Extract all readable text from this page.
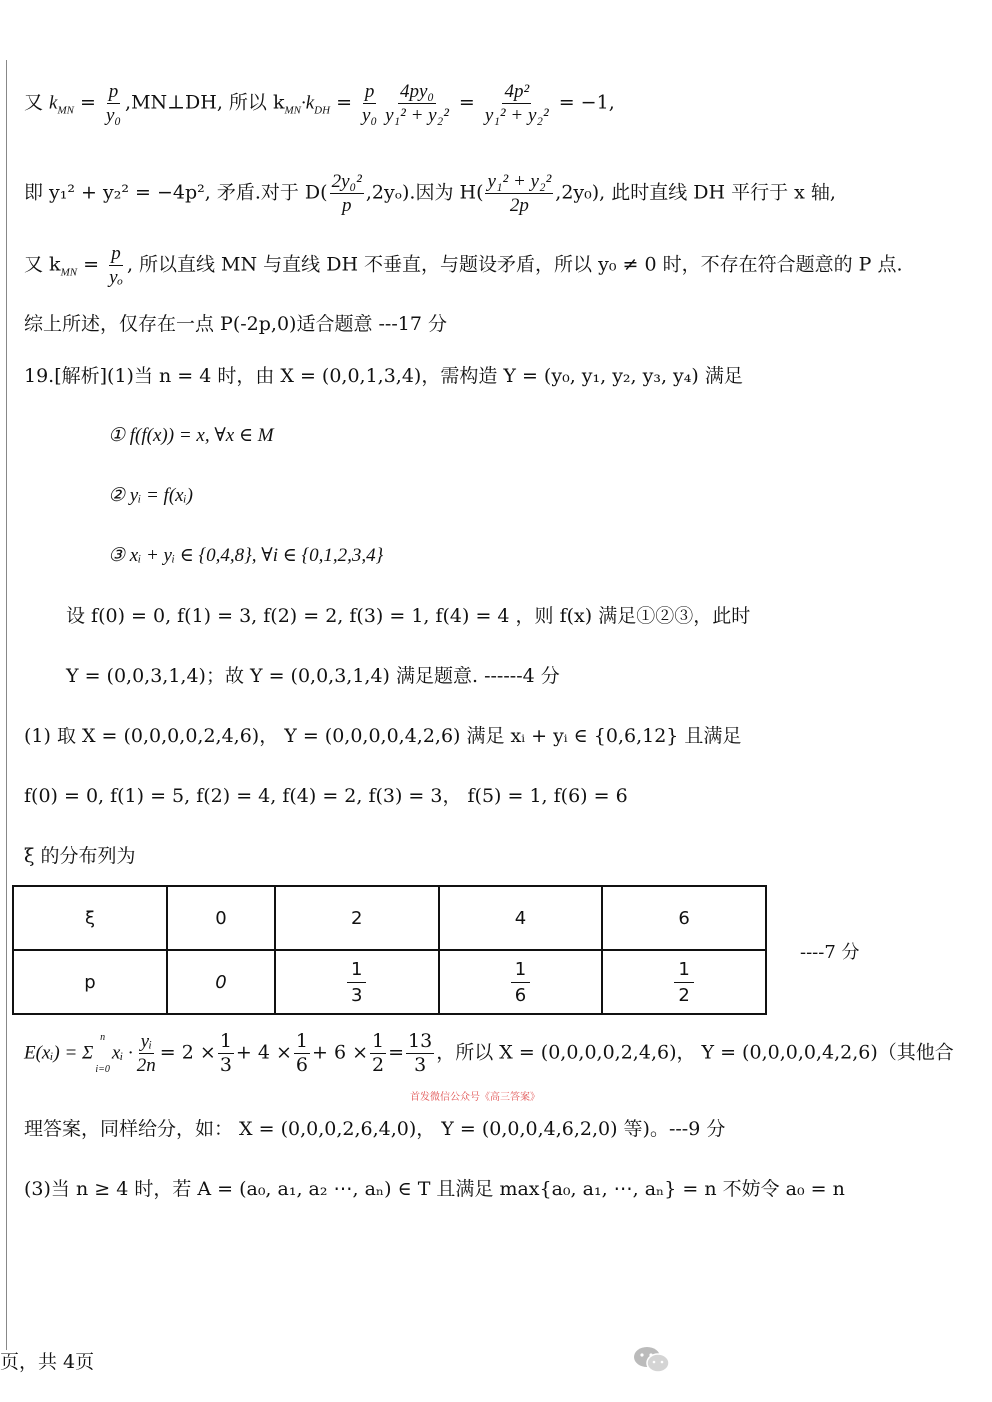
又 $k_{MN} = \frac{p}{\text{y₀}}$ ,MN⊥DH, 所以 $k_{MN}\cdot k_{DH} = \frac{p}{\text{y₀}} \frac{\text{4py₀}}{\text{y₁² + y₂²}} = \frac{\text{4p²}}{\text{y₁² + y₂²}} = -1$,
即 y₁² + y₂² = −4p², 矛盾.对于 $D( \frac{\text{2y₀²}}{p} ,2y_o)$.因为 $H( \frac{\text{y₁² + y₂²}}{2p} ,2y_0)$, 此时直线 DH 平行于 x 轴,
又 $k_{MN} = \frac{p}{\text{yₒ}}$ , 所以直线 MN 与直线 DH 不垂直，与题设矛盾，所以 y₀ ≠ 0 时，不存在符合题意的 P 点.
综上所述，仅存在一点 P(-2p,0)适合题意 ---17 分
19.[解析](1)当 n = 4 时，由 X = (0,0,1,3,4)，需构造 Y = (y₀, y₁, y₂, y₃, y₄) 满足
① f(f(x)) = x, ∀x ∈ M
② yᵢ = f(xᵢ)
③ xᵢ + yᵢ ∈ {0,4,8}, ∀i ∈ {0,1,2,3,4}
设 f(0) = 0, f(1) = 3, f(2) = 2, f(3) = 1, f(4) = 4 ，则 f(x) 满足①②③，此时
Y = (0,0,3,1,4)；故 Y = (0,0,3,1,4) 满足题意. ------4 分
(1) 取 X = (0,0,0,0,2,4,6)， Y = (0,0,0,0,4,2,6) 满足 xᵢ + yᵢ ∈ {0,6,12} 且满足
f(0) = 0, f(1) = 5, f(2) = 4, f(4) = 2, f(3) = 3， f(5) = 1, f(6) = 6
ξ 的分布列为
ξ	0	2	4	6
p	0	$\frac{1}{3}$	$\frac{1}{6}$	$\frac{1}{2}$
----7 分
E(xᵢ) = Σ
n
i=0
xᵢ · $\frac{\text{yᵢ}}{2n} = 2 \times \frac{1}{3} + 4 \times \frac{1}{6} + 6 \times \frac{1}{2} = \frac{13}{3}$ ，所以 X = (0,0,0,0,2,4,6)， Y = (0,0,0,0,4,2,6)（其他合
首发微信公众号《高三答案》
理答案，同样给分，如： X = (0,0,0,2,6,4,0)， Y = (0,0,0,4,6,2,0) 等)。---9 分
(3)当 n ≥ 4 时，若 A = (a₀, a₁, a₂ ⋯, aₙ) ∈ T 且满足 max{a₀, a₁, ⋯, aₙ} = n 不妨令 a₀ = n
页，共 4页
